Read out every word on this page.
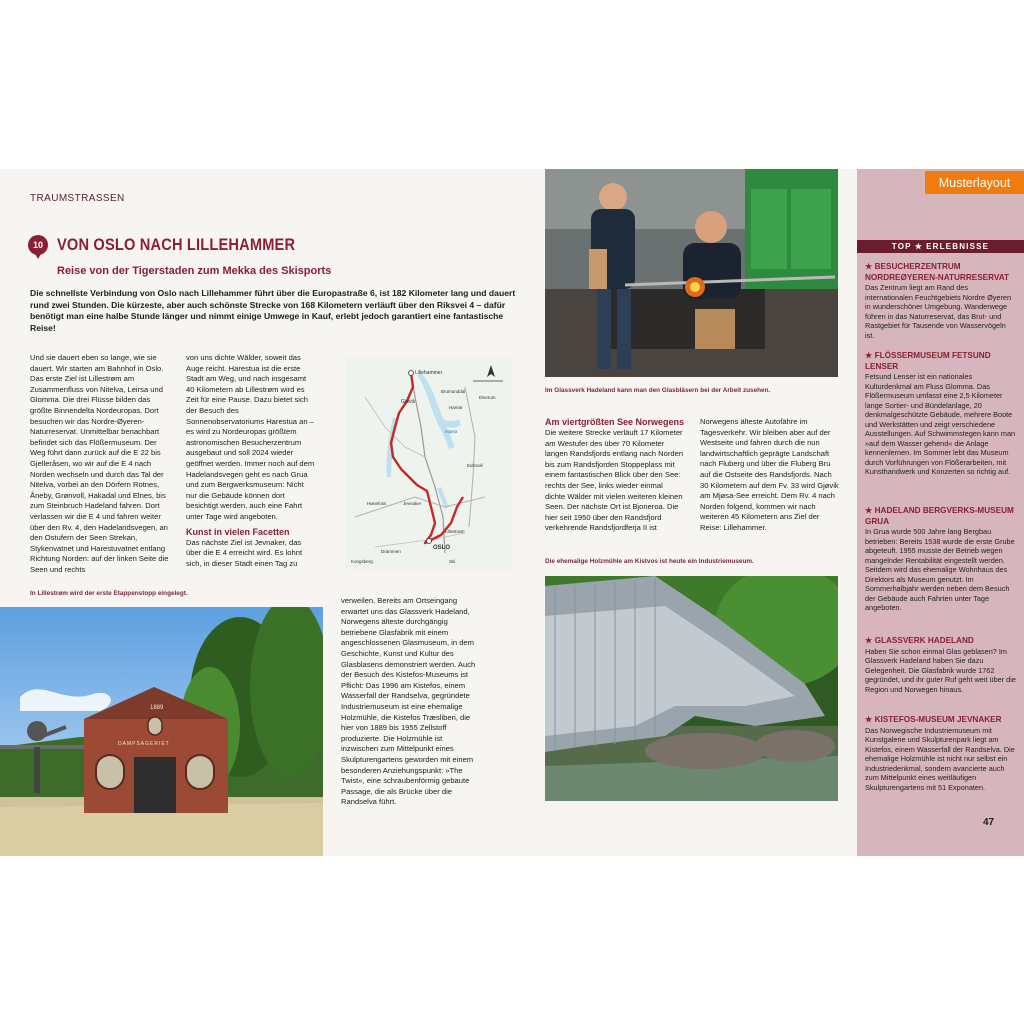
TRAUMSTRASSEN
10 VON OSLO NACH LILLEHAMMER
Reise von der Tigerstaden zum Mekka des Skisports
Die schnellste Verbindung von Oslo nach Lillehammer führt über die Europastraße 6, ist 182 Kilometer lang und dauert rund zwei Stunden. Die kürzeste, aber auch schönste Strecke von 168 Kilometern verläuft über den Riksvei 4 – dafür benötigt man eine halbe Stunde länger und nimmt einige Umwege in Kauf, erlebt jedoch garantiert eine fantastische Reise!
Und sie dauert eben so lange, wie sie dauert. Wir starten am Bahnhof in Oslo. Das erste Ziel ist Lillestrøm am Zusammenfluss von Nitelva, Leirsa und Glomma. Die drei Flüsse bilden das größte Binnendelta Nordeuropas. Dort besuchen wir das Nordre-Øyeren-Naturreservat. Unmittelbar benachbart befindet sich das Flößermuseum. Der Weg führt dann zurück auf die E 22 bis Gjelleråsen, wo wir auf die E 4 nach Norden wechseln und durch das Tal der Nitelva, vorbei an den Dörfern Rotnes, Åneby, Grønvoll, Hakadal und Elnes, bis zum Steinbruch Hadeland fahren. Dort verlassen wir die E 4 und fahren weiter über den Rv. 4, den Hadelandsvegen, an den Ostufern der Seen Strekan, Stykenvatnet und Harestuvatnet entlang Richtung Norden: auf der linken Seite die Seen und rechts
von uns dichte Wälder, soweit das Auge reicht. Harestua ist die erste Stadt am Weg, und nach insgesamt 40 Kilometern ab Lillestrøm wird es Zeit für eine Pause. Dazu bietet sich der Besuch des Sonnenobservatoriums Harestua an – es wird zu Nordeuropas größtem astronomischen Besucherzentrum ausgebaut und soll 2024 wieder geöffnet werden. Immer noch auf dem Hadelandsvegen geht es nach Grua und zum Bergwerksmuseum: Nicht nur die Gebäude können dort besichtigt werden, auch eine Fahrt unter Tage wird angeboten.
Kunst in vielen Facetten
Das nächste Ziel ist Jevnaker, das über die E 4 erreicht wird. Es lohnt sich, in dieser Stadt einen Tag zu
Lillehammer
Gjøvik
OSLO
Jevnaker
Lillestrøm
Brumunddal
Hamar
Elverum
Mjøsa
Drammen
Ski
Hønefoss
Eidsvoll
Kongsberg
In Lillestrøm wird der erste Etappenstopp eingelegt.
1889
DAMPSAGERIET
verweilen. Bereits am Ortseingang erwartet uns das Glassverk Hadeland, Norwegens älteste durchgängig betriebene Glasfabrik mit einem angeschlossenen Glasmuseum, in dem Geschichte, Kunst und Kultur des Glasblasens demonstriert werden. Auch der Besuch des Kistefos-Museums ist Pflicht: Das 1996 am Kistefos, einem Wasserfall der Randselva, gegründete Industriemuseum ist eine ehemalige Holzmühle, die Kistefos Træsliberi, die hier von 1889 bis 1955 Zellstoff produzierte. Die Holzmühle ist inzwischen zum Mittelpunkt eines Skulpturengartens geworden mit einem besonderen Anziehungspunkt: »The Twist«, eine schraubenförmig gebaute Passage, die als Brücke über die Randselva führt.
Im Glassverk Hadeland kann man den Glasbläsern bei der Arbeit zusehen.
Am viertgrößten See Norwegens
Die weitere Strecke verläuft 17 Kilometer am Westufer des über 70 Kilometer langen Randsfjords entlang nach Norden bis zum Randsfjorden Stoppeplass mit einem fantastischen Blick über den See: rechts der See, links wieder einmal dichte Wälder mit vielen weiteren kleinen Seen. Der nächste Ort ist Bjoneroa. Die hier seit 1950 über den Randsfjord verkehrende Randsfjordferja II ist
Norwegens älteste Autofähre im Tagesverkehr. Wir bleiben aber auf der Westseite und fahren durch die nun landwirtschaftlich geprägte Landschaft nach Fluberg und über die Fluberg Bru auf die Ostseite des Randsfjords. Nach 30 Kilometern auf dem Fv. 33 wird Gjøvik am Mjøsa-See erreicht. Dem Rv. 4 nach Norden folgend, kommen wir nach weiteren 45 Kilometern ans Ziel der Reise: Lillehammer.
Die ehemalige Holzmühle am Kistvos ist heute ein Industriemuseum.
Musterlayout
TOP ★ ERLEBNISSE
★ BESUCHERZENTRUM NORDREØYEREN-NATURRESERVAT
Das Zentrum liegt am Rand des internationalen Feuchtgebiets Nordre Øyeren in wunderschöner Umgebung. Wanderwege führen in das Naturreservat, das Brut- und Rastgebiet für Tausende von Wasservögeln ist.
★ FLÖSSERMUSEUM FETSUND LENSER
Fetsund Lenser ist ein nationales Kulturdenkmal am Fluss Glomma. Das Flößermuseum umfasst eine 2,5 Kilometer lange Sortier- und Bündelanlage, 20 denkmalgeschützte Gebäude, mehrere Boote und Werkstätten und zeigt verschiedene Ausstellungen. Auf Schwimmstegen kann man »auf dem Wasser gehend« die Anlage kennenlernen. Im Sommer lebt das Museum durch Vorführungen von Flößerarbeiten, mit Kunsthandwerk und Konzerten so richtig auf.
★ HADELAND BERGVERKS-MUSEUM GRUA
In Grua wurde 500 Jahre lang Bergbau betrieben: Bereits 1538 wurde die erste Grube abgeteuft. 1955 musste der Betrieb wegen mangelnder Rentabilität eingestellt werden. Seitdem wird das ehemalige Wohnhaus des Direktors als Museum genutzt. Im Sommerhalbjahr werden neben dem Besuch der Gebäude auch Fahrten unter Tage angeboten.
★ GLASSVERK HADELAND
Haben Sie schon einmal Glas geblasen? Im Glassverk Hadeland haben Sie dazu Gelegenheit. Die Glasfabrik wurde 1762 gegründet, und ihr guter Ruf geht weit über die Region und Norwegen hinaus.
★ KISTEFOS-MUSEUM JEVNAKER
Das Norwegische Industriemuseum mit Kunstgalerie und Skulpturenpark liegt am Kistefos, einem Wasserfall der Randselva. Die ehemalige Holzmühle ist nicht nur selbst ein Industriedenkmal, sondern avancierte auch zum Mittelpunkt eines weitläufigen Skulpturengartens mit 51 Exponaten.
47
